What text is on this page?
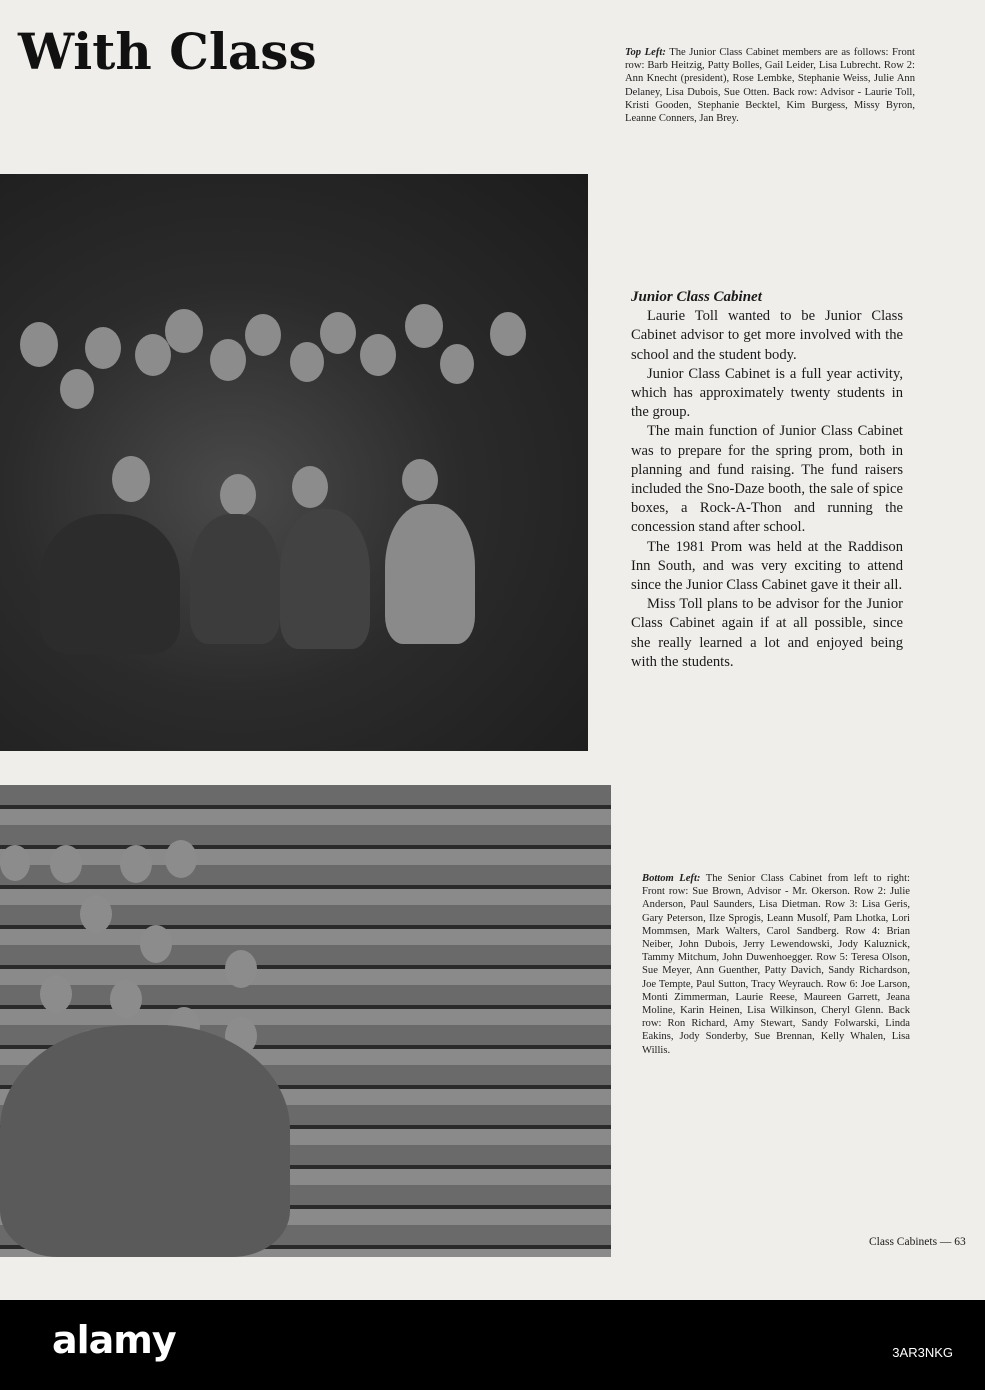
With Class	Top Left: The Junior Class Cabinet members are as follows: Front row: Barb Heitzig, Patty Bolles, Gail Leider, Lisa Lubrecht. Row 2: Ann Knecht (president), Rose Lembke, Stephanie Weiss, Julie Ann Delaney, Lisa Dubois, Sue Otten. Back row: Advisor - Laurie Toll, Kristi Gooden, Stephanie Becktel, Kim Burgess, Missy Byron, Leanne Conners, Jan Brey.
Junior Class Cabinet

Laurie Toll wanted to be Junior Class Cabinet advisor to get more involved with the school and the student body.

Junior Class Cabinet is a full year activity, which has approximately twenty students in the group.

The main function of Junior Class Cabinet was to prepare for the spring prom, both in planning and fund raising. The fund raisers included the Sno-Daze booth, the sale of spice boxes, a Rock-A-Thon and running the concession stand after school.

The 1981 Prom was held at the Raddison Inn South, and was very exciting to attend since the Junior Class Cabinet gave it their all.

Miss Toll plans to be advisor for the Junior Class Cabinet again if at all possible, since she really learned a lot and enjoyed being with the students.

Bottom Left: The Senior Class Cabinet from left to right: Front row: Sue Brown, Advisor - Mr. Okerson. Row 2: Julie Anderson, Paul Saunders, Lisa Dietman. Row 3: Lisa Geris, Gary Peterson, Ilze Sprogis, Leann Musolf, Pam Lhotka, Lori Mommsen, Mark Walters, Carol Sandberg. Row 4: Brian Neiber, John Dubois, Jerry Lewendowski, Jody Kaluznick, Tammy Mitchum, John Duwenhoegger. Row 5: Teresa Olson, Sue Meyer, Ann Guenther, Patty Davich, Sandy Richardson, Joe Tempte, Paul Sutton, Tracy Weyrauch. Row 6: Joe Larson, Monti Zimmerman, Laurie Reese, Maureen Garrett, Jeana Moline, Karin Heinen, Lisa Wilkinson, Cheryl Glenn. Back row: Ron Richard, Amy Stewart, Sandy Folwarski, Linda Eakins, Jody Sonderby, Sue Brennan, Kelly Whalen, Lisa Willis.
Class Cabinets — 63
alamy	3AR3NKG
